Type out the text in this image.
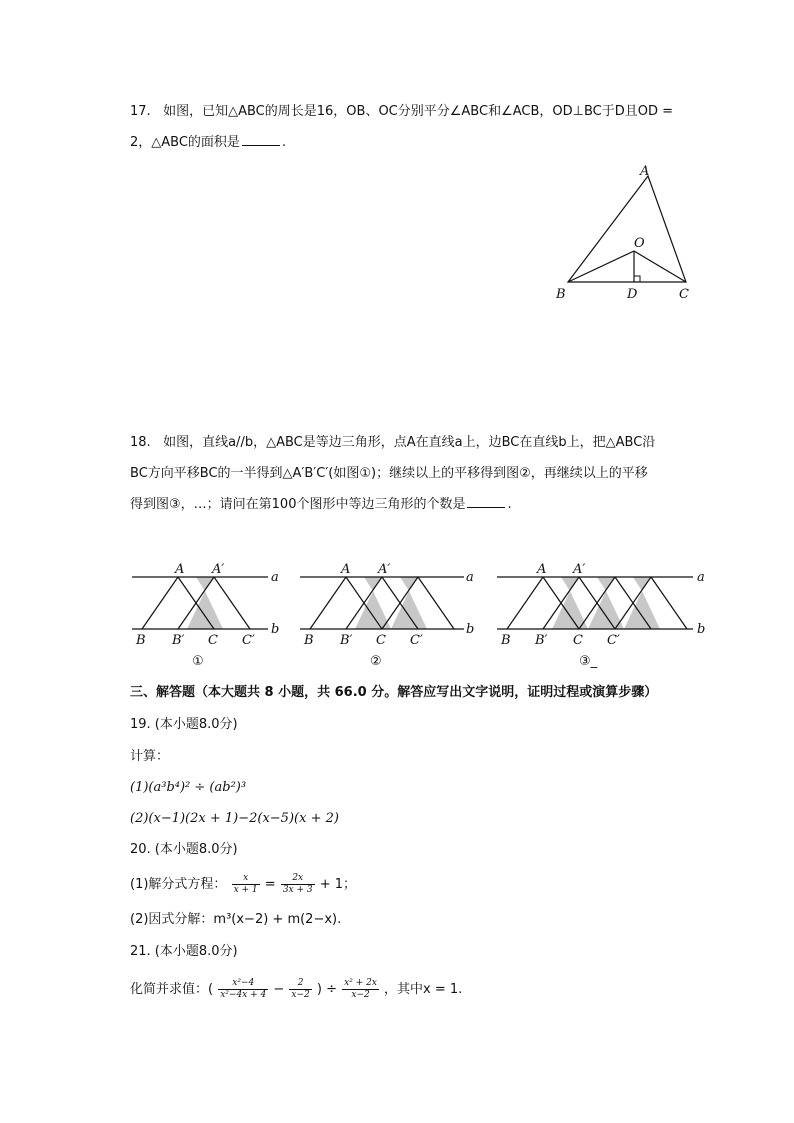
17. 如图，已知△ABC的周长是16，OB、OC分别平分∠ABC和∠ACB，OD⊥BC于D且OD =
2，△ABC的面积是	.
A
O
B	D	C
18. 如图，直线a//b，△ABC是等边三角形，点A在直线a上，边BC在直线b上，把△ABC沿
BC方向平移BC的一半得到△A′B′C′(如图①)；继续以上的平移得到图②，再继续以上的平移
得到图③，…；请问在第100个图形中等边三角形的个数是	.
A A′
a
b
B B′ C C′
①
A A′
a
b
B B′ C C′
②
A A′
a
b
B B′ C C′
③_
三、解答题（本大题共 8 小题，共 66.0 分。解答应写出文字说明，证明过程或演算步骤）
19. (本小题8.0分)
计算：
(1)(a³b⁴)² ÷ (ab²)³
(2)(x−1)(2x + 1)−2(x−5)(x + 2)
20. (本小题8.0分)
(1)解分式方程： $\frac{x}{x + 1} = \frac{2x}{3x + 3} + 1$；
(2)因式分解：m³(x−2) + m(2−x).
21. (本小题8.0分)
化简并求值：( $\frac{\text{x²−4}}{\text{x²−4x + 4}} - \frac{2}{x-2}$ ) ÷ $\frac{\text{x² + 2x}}{x-2}$ ，其中x = 1.
